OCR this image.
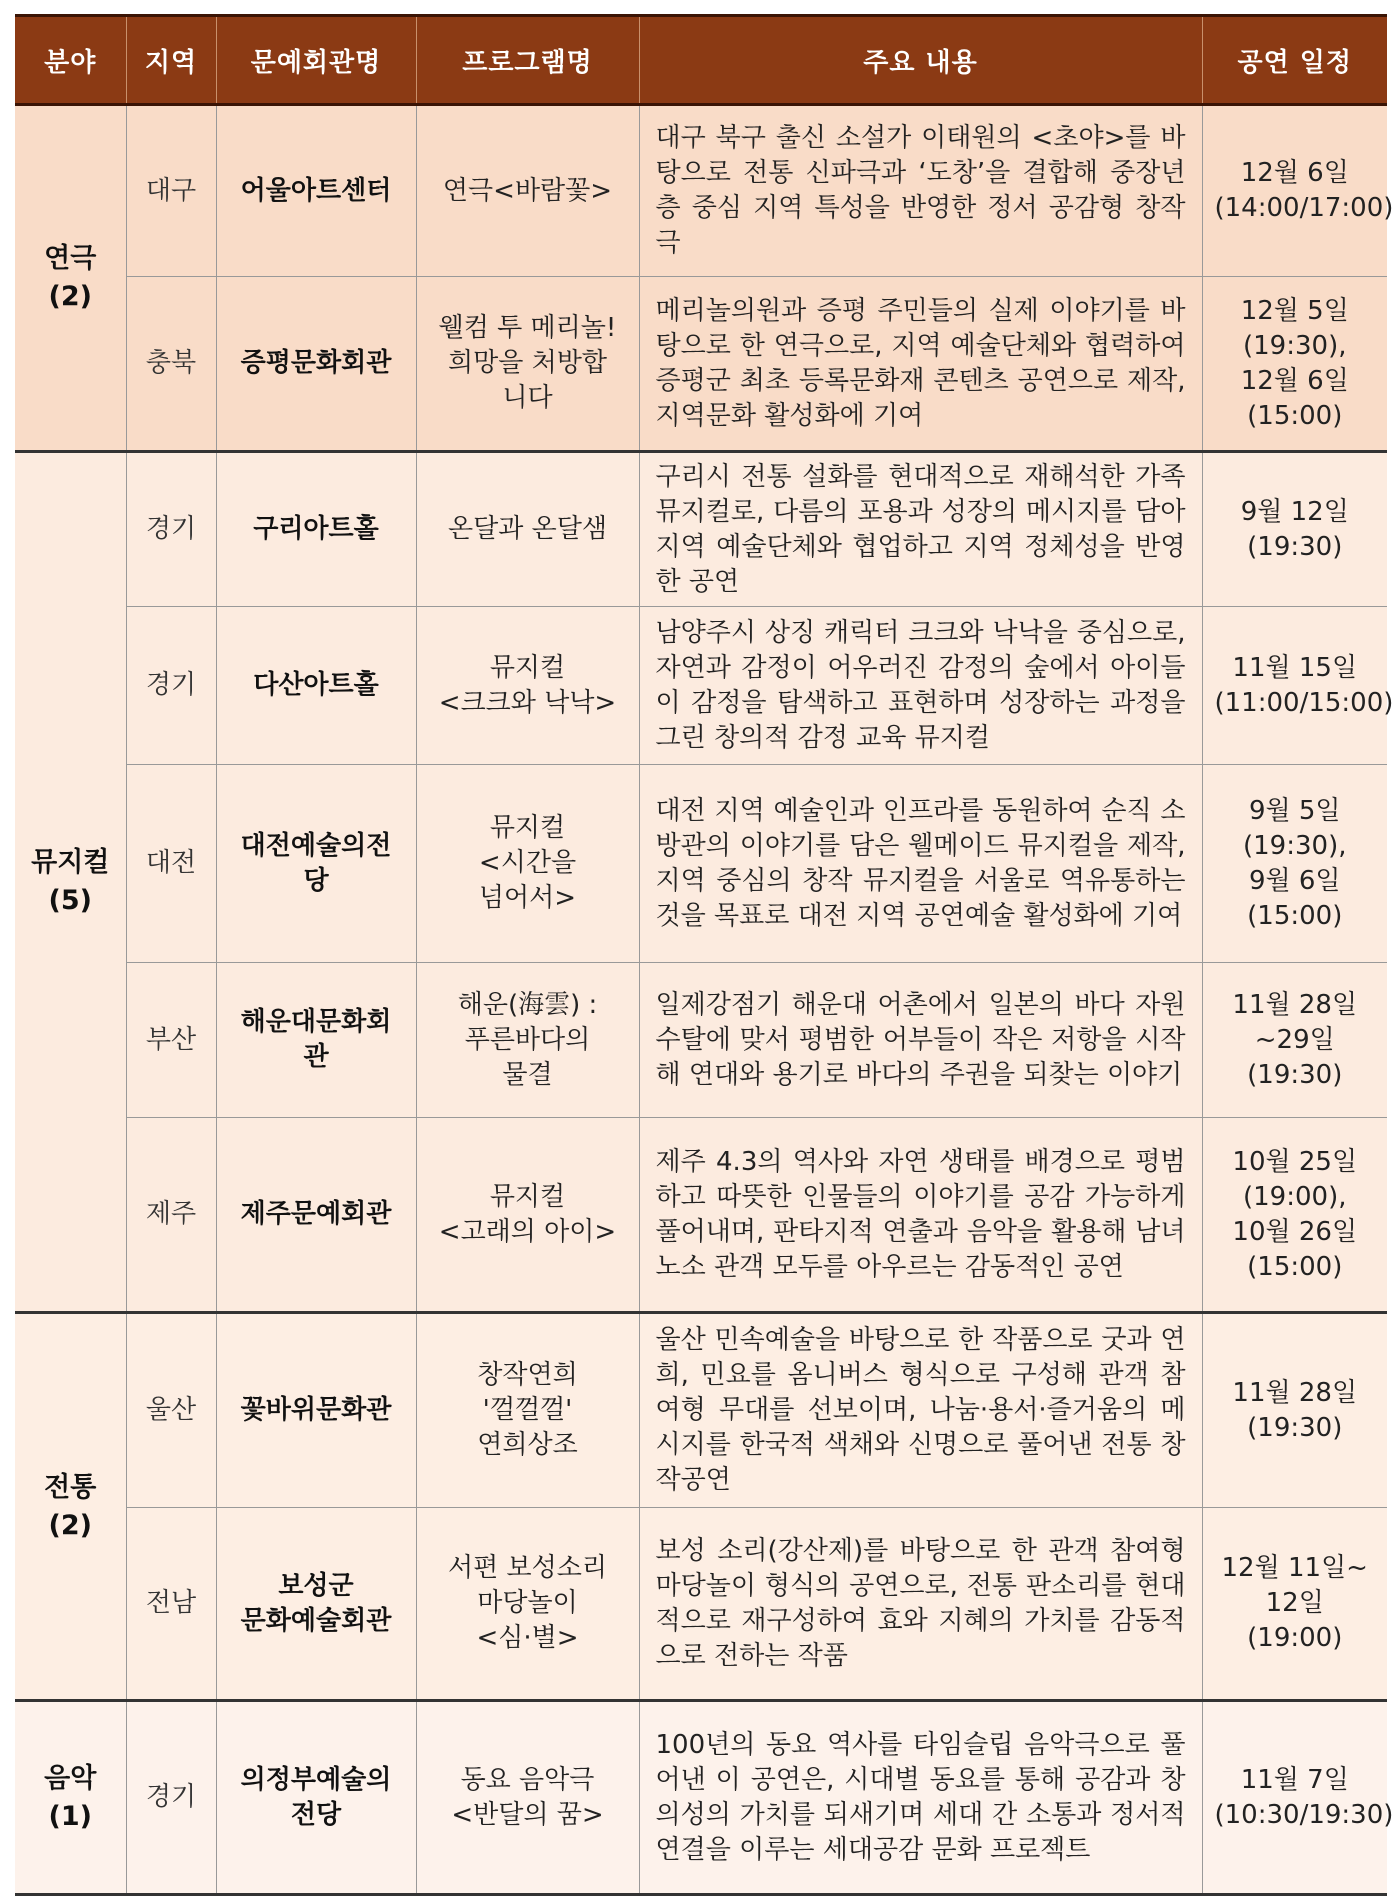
분야	지역	문예회관명	프로그램명	주요 내용	공연 일정

연극
(2)	대구	어울아트센터	연극<바람꽃>	대구 북구 출신 소설가 이태원의 <초야>를 바탕으로 전통 신파극과 ‘도창’을 결합해 중장년층 중심 지역 특성을 반영한 정서 공감형 창작극	12월 6일
(14:00/17:00)

	충북	증평문화회관	웰컴 투 메리놀!
희망을 처방합
니다	메리놀의원과 증평 주민들의 실제 이야기를 바탕으로 한 연극으로, 지역 예술단체와 협력하여 증평군 최초 등록문화재 콘텐츠 공연으로 제작, 지역문화 활성화에 기여	12월 5일
(19:30),
12월 6일
(15:00)

뮤지컬
(5)	경기	구리아트홀	온달과 온달샘	구리시 전통 설화를 현대적으로 재해석한 가족 뮤지컬로, 다름의 포용과 성장의 메시지를 담아 지역 예술단체와 협업하고 지역 정체성을 반영한 공연	9월 12일
(19:30)

	경기	다산아트홀	뮤지컬
<크크와 낙낙>	남양주시 상징 캐릭터 크크와 낙낙을 중심으로, 자연과 감정이 어우러진 감정의 숲에서 아이들이 감정을 탐색하고 표현하며 성장하는 과정을 그린 창의적 감정 교육 뮤지컬	11월 15일
(11:00/15:00)

	대전	대전예술의전당	뮤지컬
<시간을
넘어서>	대전 지역 예술인과 인프라를 동원하여 순직 소방관의 이야기를 담은 웰메이드 뮤지컬을 제작, 지역 중심의 창작 뮤지컬을 서울로 역유통하는 것을 목표로 대전 지역 공연예술 활성화에 기여	9월 5일
(19:30),
9월 6일
(15:00)

	부산	해운대문화회관	해운(海雲) :
푸른바다의
물결	일제강점기 해운대 어촌에서 일본의 바다 자원 수탈에 맞서 평범한 어부들이 작은 저항을 시작해 연대와 용기로 바다의 주권을 되찾는 이야기	11월 28일
~29일
(19:30)

	제주	제주문예회관	뮤지컬
<고래의 아이>	제주 4.3의 역사와 자연 생태를 배경으로 평범하고 따뜻한 인물들의 이야기를 공감 가능하게 풀어내며, 판타지적 연출과 음악을 활용해 남녀노소 관객 모두를 아우르는 감동적인 공연	10월 25일
(19:00),
10월 26일
(15:00)

전통
(2)	울산	꽃바위문화관	창작연희
'껄껄껄'
연희상조	울산 민속예술을 바탕으로 한 작품으로 굿과 연희, 민요를 옴니버스 형식으로 구성해 관객 참여형 무대를 선보이며, 나눔·용서·즐거움의 메시지를 한국적 색채와 신명으로 풀어낸 전통 창작공연	11월 28일
(19:30)

	전남	보성군
문화예술회관	서편 보성소리
마당놀이
<심·별>	보성 소리(강산제)를 바탕으로 한 관객 참여형 마당놀이 형식의 공연으로, 전통 판소리를 현대적으로 재구성하여 효와 지혜의 가치를 감동적으로 전하는 작품	12월 11일~
12일
(19:00)

음악
(1)	경기	의정부예술의
전당	동요 음악극
<반달의 꿈>	100년의 동요 역사를 타임슬립 음악극으로 풀어낸 이 공연은, 시대별 동요를 통해 공감과 창의성의 가치를 되새기며 세대 간 소통과 정서적 연결을 이루는 세대공감 문화 프로젝트	11월 7일
(10:30/19:30)
